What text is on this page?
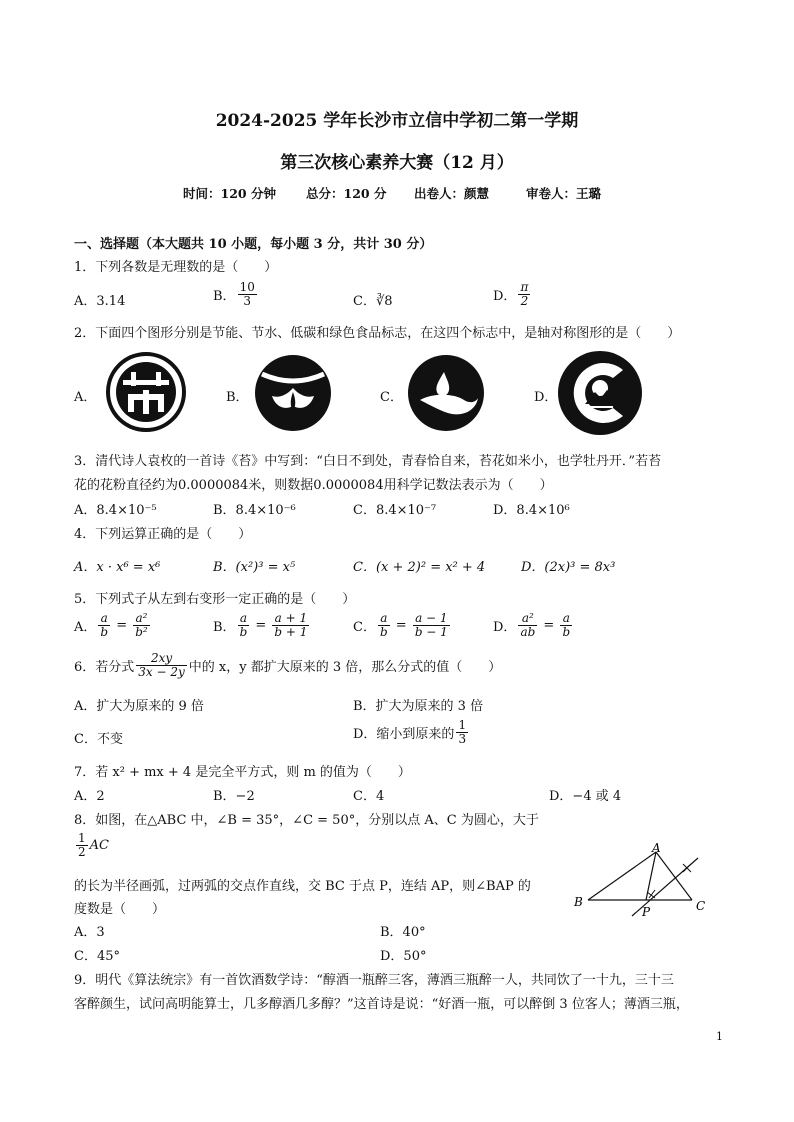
2024-2025 学年长沙市立信中学初二第一学期
第三次核心素养大赛（12 月）
时间：120 分钟 总分：120 分 出卷人：颜慧	审卷人：王璐
一、选择题（本大题共 10 小题，每小题 3 分，共计 30 分）
1．下列各数是无理数的是（　　）
A．3.14	B． $\frac{10}{3}$	C．∛8	D． $\frac{\pi}{2}$
2．下面四个图形分别是节能、节水、低碳和绿色食品标志，在这四个标志中，是轴对称图形的是（　　）
A．	B．	C．	D．
3．清代诗人袁枚的一首诗《苔》中写到：“白日不到处，青春恰自来，苔花如米小，也学牡丹开．”若苔
花的花粉直径约为0.0000084米，则数据0.0000084用科学记数法表示为（　　）
A．8.4×10⁻⁵	B．8.4×10⁻⁶	C．8.4×10⁻⁷	D．8.4×10⁶
4．下列运算正确的是（　　）
A．x · x⁶ = x⁶	B．(x²)³ = x⁵	C．(x + 2)² = x² + 4	D．(2x)³ = 8x³
5．下列式子从左到右变形一定正确的是（　　）
A． $\frac{a}{b} = \frac{\text{a²}}{\text{b²}}$	B． $\frac{a}{b} = \frac{a + 1}{b + 1}$	C． $\frac{a}{b} = \frac{a - 1}{b - 1}$	D． $\frac{\text{a²}}{ab} = \frac{a}{b}$
6．若分式 $\frac{2xy}{3x - 2y}$ 中的 x，y 都扩大原来的 3 倍，那么分式的值（　　）
A．扩大为原来的 9 倍	B．扩大为原来的 3 倍
C．不变	D．缩小到原来的 $\frac{1}{3}$
7．若 x² + mx + 4 是完全平方式，则 m 的值为（　　）
A．2	B．−2	C．4	D．−4 或 4
8．如图，在△ABC 中，∠B = 35°，∠C = 50°，分别以点 A、C 为圆心，大于
$\frac{1}{2}$ AC
的长为半径画弧，过两弧的交点作直线，交 BC 于点 P，连结 AP，则∠BAP 的
度数是（　　）
A．3	B．40°
C．45°	D．50°
A
B	C
P
9．明代《算法统宗》有一首饮酒数学诗：“醇酒一瓶醉三客，薄酒三瓶醉一人，共同饮了一十九，三十三
客醉颜生，试问高明能算士，几多醇酒几多醇？”这首诗是说：“好酒一瓶，可以醉倒 3 位客人；薄酒三瓶，
1
